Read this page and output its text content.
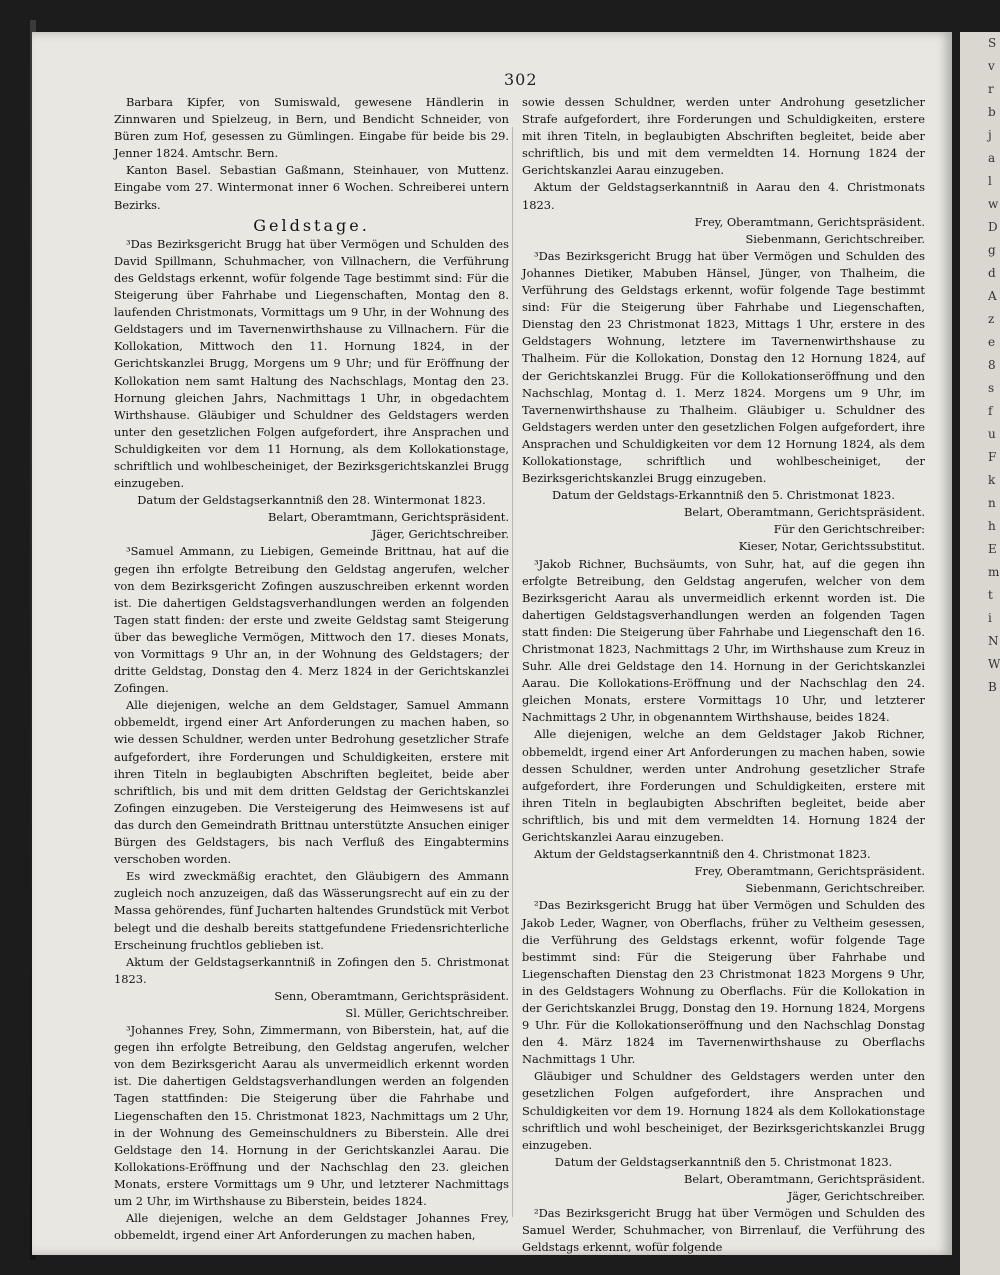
302

Barbara Kipfer, von Sumiswald, gewesene Händlerin in Zinnwaren und Spielzeug, in Bern, und Bendicht Schneider, von Büren zum Hof, gesessen zu Gümlingen. Eingabe für beide bis 29. Jenner 1824. Amtschr. Bern.

Kanton Basel. Sebastian Gaßmann, Steinhauer, von Muttenz. Eingabe vom 27. Wintermonat inner 6 Wochen. Schreiberei untern Bezirks.

Geldstage.

³Das Bezirksgericht Brugg hat über Vermögen und Schulden des David Spillmann, Schuhmacher, von Villnachern, die Verführung des Geldstags erkennt, wofür folgende Tage bestimmt sind: Für die Steigerung über Fahrhabe und Liegenschaften, Montag den 8. laufenden Christmonats, Vormittags um 9 Uhr, in der Wohnung des Geldstagers und im Tavernenwirthshause zu Villnachern. Für die Kollokation, Mittwoch den 11. Hornung 1824, in der Gerichtskanzlei Brugg, Morgens um 9 Uhr; und für Eröffnung der Kollokation nem samt Haltung des Nachschlags, Montag den 23. Hornung gleichen Jahrs, Nachmittags 1 Uhr, in obgedachtem Wirthshause. Gläubiger und Schuldner des Geldstagers werden unter den gesetzlichen Folgen aufgefordert, ihre Ansprachen und Schuldigkeiten vor dem 11 Hornung, als dem Kollokationstage, schriftlich und wohlbescheiniget, der Bezirksgerichtskanzlei Brugg einzugeben.

Datum der Geldstagserkanntniß den 28. Wintermonat 1823.

Belart, Oberamtmann, Gerichtspräsident.

Jäger, Gerichtschreiber.

³Samuel Ammann, zu Liebigen, Gemeinde Brittnau, hat auf die gegen ihn erfolgte Betreibung den Geldstag angerufen, welcher von dem Bezirksgericht Zofingen auszuschreiben erkennt worden ist. Die dahertigen Geldstagsverhandlungen werden an folgenden Tagen statt finden: der erste und zweite Geldstag samt Steigerung über das bewegliche Vermögen, Mittwoch den 17. dieses Monats, von Vormittags 9 Uhr an, in der Wohnung des Geldstagers; der dritte Geldstag, Donstag den 4. Merz 1824 in der Gerichtskanzlei Zofingen.

Alle diejenigen, welche an dem Geldstager, Samuel Ammann obbemeldt, irgend einer Art Anforderungen zu machen haben, so wie dessen Schuldner, werden unter Bedrohung gesetzlicher Strafe aufgefordert, ihre Forderungen und Schuldigkeiten, erstere mit ihren Titeln in beglaubigten Abschriften begleitet, beide aber schriftlich, bis und mit dem dritten Geldstag der Gerichtskanzlei Zofingen einzugeben. Die Versteigerung des Heimwesens ist auf das durch den Gemeindrath Brittnau unterstützte Ansuchen einiger Bürgen des Geldstagers, bis nach Verfluß des Eingabtermins verschoben worden.

Es wird zweckmäßig erachtet, den Gläubigern des Ammann zugleich noch anzuzeigen, daß das Wässerungsrecht auf ein zu der Massa gehörendes, fünf Jucharten haltendes Grundstück mit Verbot belegt und die deshalb bereits stattgefundene Friedensrichterliche Erscheinung fruchtlos geblieben ist.

Aktum der Geldstagserkanntniß in Zofingen den 5. Christmonat 1823.

Senn, Oberamtmann, Gerichtspräsident.

Sl. Müller, Gerichtschreiber.

³Johannes Frey, Sohn, Zimmermann, von Biberstein, hat, auf die gegen ihn erfolgte Betreibung, den Geldstag angerufen, welcher von dem Bezirksgericht Aarau als unvermeidlich erkennt worden ist. Die dahertigen Geldstagsverhandlungen werden an folgenden Tagen stattfinden: Die Steigerung über die Fahrhabe und Liegenschaften den 15. Christmonat 1823, Nachmittags um 2 Uhr, in der Wohnung des Gemeinschuldners zu Biberstein. Alle drei Geldstage den 14. Hornung in der Gerichtskanzlei Aarau. Die Kollokations-Eröffnung und der Nachschlag den 23. gleichen Monats, erstere Vormittags um 9 Uhr, und letzterer Nachmittags um 2 Uhr, im Wirthshause zu Biberstein, beides 1824.

Alle diejenigen, welche an dem Geldstager Johannes Frey, obbemeldt, irgend einer Art Anforderungen zu machen haben,

sowie dessen Schuldner, werden unter Androhung gesetzlicher Strafe aufgefordert, ihre Forderungen und Schuldigkeiten, erstere mit ihren Titeln, in beglaubigten Abschriften begleitet, beide aber schriftlich, bis und mit dem vermeldten 14. Hornung 1824 der Gerichtskanzlei Aarau einzugeben.

Aktum der Geldstagserkanntniß in Aarau den 4. Christmonats 1823.

Frey, Oberamtmann, Gerichtspräsident.

Siebenmann, Gerichtschreiber.

³Das Bezirksgericht Brugg hat über Vermögen und Schulden des Johannes Dietiker, Mabuben Hänsel, Jünger, von Thalheim, die Verführung des Geldstags erkennt, wofür folgende Tage bestimmt sind: Für die Steigerung über Fahrhabe und Liegenschaften, Dienstag den 23 Christmonat 1823, Mittags 1 Uhr, erstere in des Geldstagers Wohnung, letztere im Tavernenwirthshause zu Thalheim. Für die Kollokation, Donstag den 12 Hornung 1824, auf der Gerichtskanzlei Brugg. Für die Kollokationseröffnung und den Nachschlag, Montag d. 1. Merz 1824. Morgens um 9 Uhr, im Tavernenwirthshause zu Thalheim. Gläubiger u. Schuldner des Geldstagers werden unter den gesetzlichen Folgen aufgefordert, ihre Ansprachen und Schuldigkeiten vor dem 12 Hornung 1824, als dem Kollokationstage, schriftlich und wohlbescheiniget, der Bezirksgerichtskanzlei Brugg einzugeben.

Datum der Geldstags-Erkanntniß den 5. Christmonat 1823.

Belart, Oberamtmann, Gerichtspräsident.

Für den Gerichtschreiber:

Kieser, Notar, Gerichtssubstitut.

³Jakob Richner, Buchsäumts, von Suhr, hat, auf die gegen ihn erfolgte Betreibung, den Geldstag angerufen, welcher von dem Bezirksgericht Aarau als unvermeidlich erkennt worden ist. Die dahertigen Geldstagsverhandlungen werden an folgenden Tagen statt finden: Die Steigerung über Fahrhabe und Liegenschaft den 16. Christmonat 1823, Nachmittags 2 Uhr, im Wirthshause zum Kreuz in Suhr. Alle drei Geldstage den 14. Hornung in der Gerichtskanzlei Aarau. Die Kollokations-Eröffnung und der Nachschlag den 24. gleichen Monats, erstere Vormittags 10 Uhr, und letzterer Nachmittags 2 Uhr, in obgenanntem Wirthshause, beides 1824.

Alle diejenigen, welche an dem Geldstager Jakob Richner, obbemeldt, irgend einer Art Anforderungen zu machen haben, sowie dessen Schuldner, werden unter Androhung gesetzlicher Strafe aufgefordert, ihre Forderungen und Schuldigkeiten, erstere mit ihren Titeln in beglaubigten Abschriften begleitet, beide aber schriftlich, bis und mit dem vermeldten 14. Hornung 1824 der Gerichtskanzlei Aarau einzugeben.

Aktum der Geldstagserkanntniß den 4. Christmonat 1823.

Frey, Oberamtmann, Gerichtspräsident.

Siebenmann, Gerichtschreiber.

²Das Bezirksgericht Brugg hat über Vermögen und Schulden des Jakob Leder, Wagner, von Oberflachs, früher zu Veltheim gesessen, die Verführung des Geldstags erkennt, wofür folgende Tage bestimmt sind: Für die Steigerung über Fahrhabe und Liegenschaften Dienstag den 23 Christmonat 1823 Morgens 9 Uhr, in des Geldstagers Wohnung zu Oberflachs. Für die Kollokation in der Gerichtskanzlei Brugg, Donstag den 19. Hornung 1824, Morgens 9 Uhr. Für die Kollokationseröffnung und den Nachschlag Donstag den 4. März 1824 im Tavernenwirthshause zu Oberflachs Nachmittags 1 Uhr.

Gläubiger und Schuldner des Geldstagers werden unter den gesetzlichen Folgen aufgefordert, ihre Ansprachen und Schuldigkeiten vor dem 19. Hornung 1824 als dem Kollokationstage schriftlich und wohl bescheiniget, der Bezirksgerichtskanzlei Brugg einzugeben.

Datum der Geldstagserkanntniß den 5. Christmonat 1823.

Belart, Oberamtmann, Gerichtspräsident.

Jäger, Gerichtschreiber.

²Das Bezirksgericht Brugg hat über Vermögen und Schulden des Samuel Werder, Schuhmacher, von Birrenlauf, die Verführung des Geldstags erkennt, wofür folgende

S
v
r
b
j
a
l
w
D
g
d
A
z
e
8
s
f
u
F
k
n
h
E
m
t
i
N
W
B
